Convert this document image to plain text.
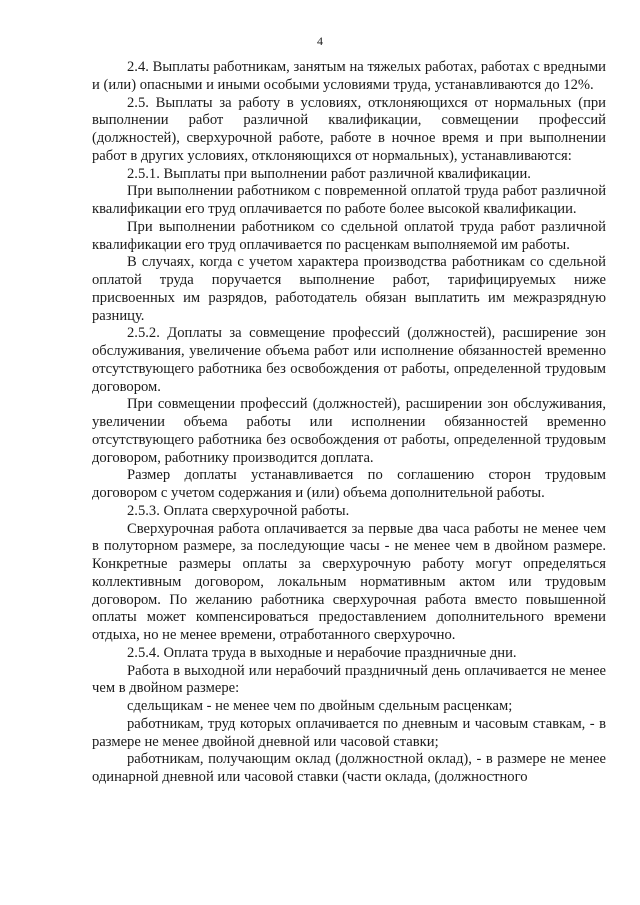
4

2.4. Выплаты работникам, занятым на тяжелых работах, работах с вредными и (или) опасными и иными особыми условиями труда, устанавливаются до 12%.

2.5. Выплаты за работу в условиях, отклоняющихся от нормальных (при выполнении работ различной квалификации, совмещении профессий (должностей), сверхурочной работе, работе в ночное время и при выполнении работ в других условиях, отклоняющихся от нормальных), устанавливаются:

2.5.1. Выплаты при выполнении работ различной квалификации.

При выполнении работником с повременной оплатой труда работ различной квалификации его труд оплачивается по работе более высокой квалификации.

При выполнении работником со сдельной оплатой труда работ различной квалификации его труд оплачивается по расценкам выполняемой им работы.

В случаях, когда с учетом характера производства работникам со сдельной оплатой труда поручается выполнение работ, тарифицируемых ниже присвоенных им разрядов, работодатель обязан выплатить им межразрядную разницу.

2.5.2. Доплаты за совмещение профессий (должностей), расширение зон обслуживания, увеличение объема работ или исполнение обязанностей временно отсутствующего работника без освобождения от работы, определенной трудовым договором.

При совмещении профессий (должностей), расширении зон обслуживания, увеличении объема работы или исполнении обязанностей временно отсутствующего работника без освобождения от работы, определенной трудовым договором, работнику производится доплата.

Размер доплаты устанавливается по соглашению сторон трудовым договором с учетом содержания и (или) объема дополнительной работы.

2.5.3. Оплата сверхурочной работы.

Сверхурочная работа оплачивается за первые два часа работы не менее чем в полуторном размере, за последующие часы - не менее чем в двойном размере. Конкретные размеры оплаты за сверхурочную работу могут определяться коллективным договором, локальным нормативным актом или трудовым договором. По желанию работника сверхурочная работа вместо повышенной оплаты может компенсироваться предоставлением дополнительного времени отдыха, но не менее времени, отработанного сверхурочно.

2.5.4. Оплата труда в выходные и нерабочие праздничные дни.

Работа в выходной или нерабочий праздничный день оплачивается не менее чем в двойном размере:

сдельщикам - не менее чем по двойным сдельным расценкам;

работникам, труд которых оплачивается по дневным и часовым ставкам, - в размере не менее двойной дневной или часовой ставки;

работникам, получающим оклад (должностной оклад), - в размере не менее одинарной дневной или часовой ставки (части оклада, (должностного
